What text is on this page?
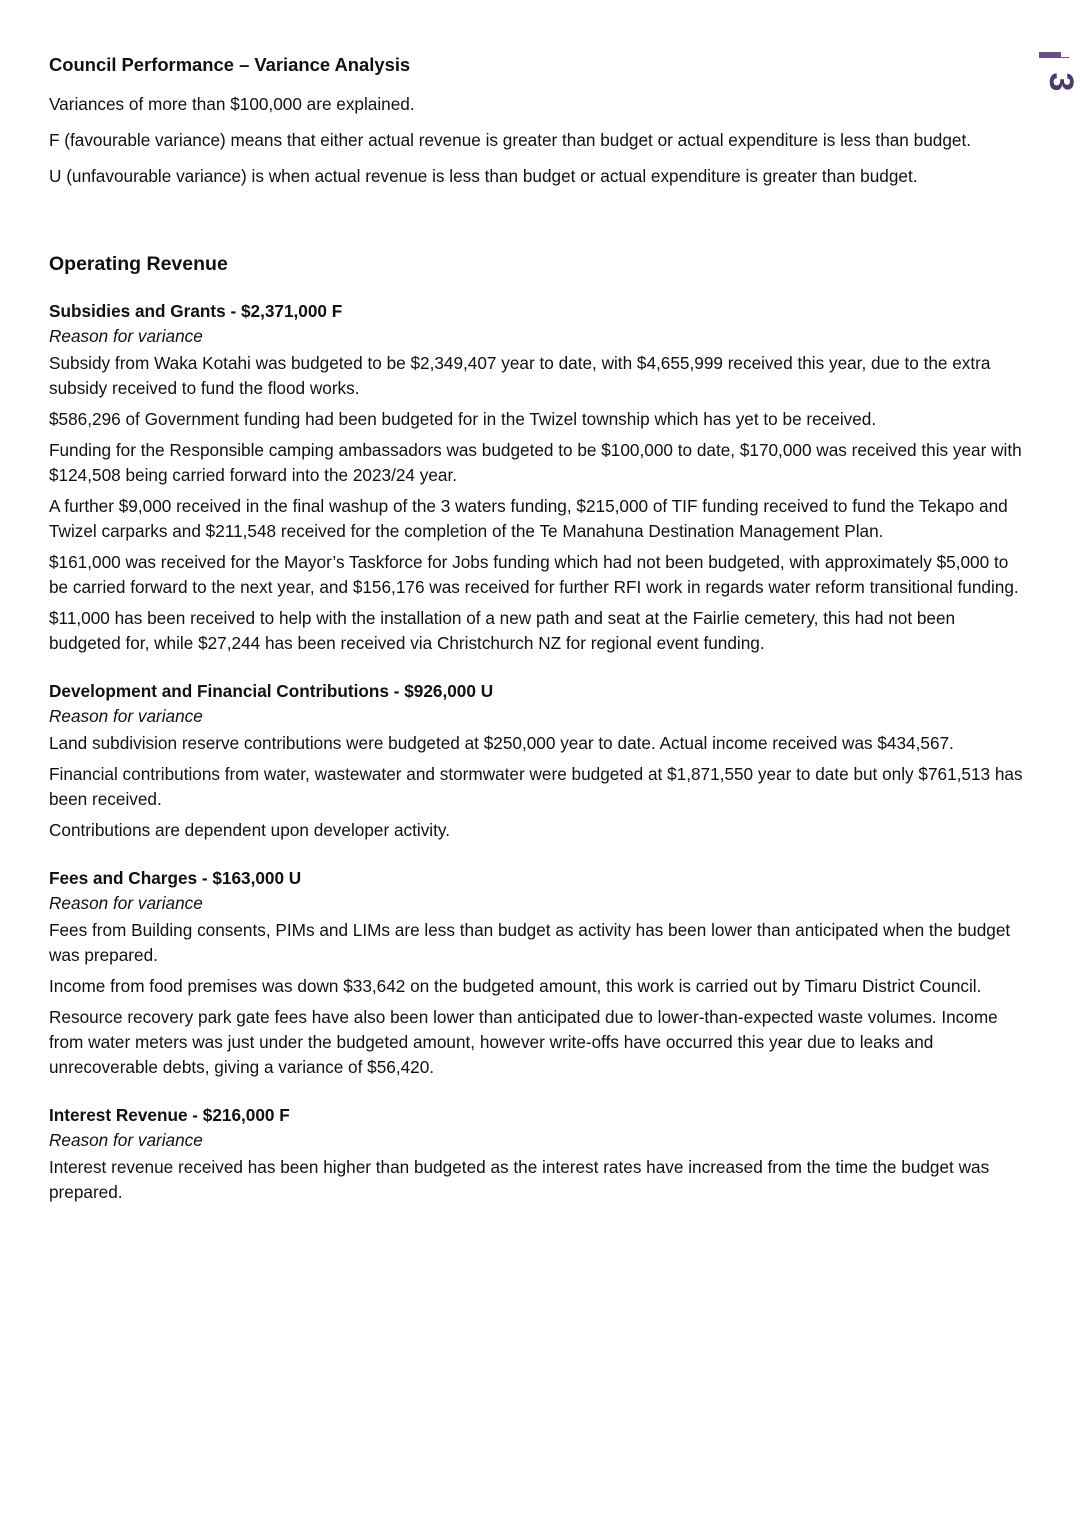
3
Council Performance – Variance Analysis
Variances of more than $100,000 are explained.
F (favourable variance) means that either actual revenue is greater than budget or actual expenditure is less than budget.
U (unfavourable variance) is when actual revenue is less than budget or actual expenditure is greater than budget.
Operating Revenue
Subsidies and Grants - $2,371,000 F
Reason for variance
Subsidy from Waka Kotahi was budgeted to be $2,349,407 year to date, with $4,655,999 received this year, due to the extra subsidy received to fund the flood works.
$586,296 of Government funding had been budgeted for in the Twizel township which has yet to be received.
Funding for the Responsible camping ambassadors was budgeted to be $100,000 to date, $170,000 was received this year with $124,508 being carried forward into the 2023/24 year.
A further $9,000 received in the final washup of the 3 waters funding, $215,000 of TIF funding received to fund the Tekapo and Twizel carparks and $211,548 received for the completion of the Te Manahuna Destination Management Plan.
$161,000 was received for the Mayor’s Taskforce for Jobs funding which had not been budgeted, with approximately $5,000 to be carried forward to the next year, and $156,176 was received for further RFI work in regards water reform transitional funding.
$11,000 has been received to help with the installation of a new path and seat at the Fairlie cemetery, this had not been budgeted for, while $27,244 has been received via Christchurch NZ for regional event funding.
Development and Financial Contributions - $926,000 U
Reason for variance
Land subdivision reserve contributions were budgeted at $250,000 year to date. Actual income received was $434,567.
Financial contributions from water, wastewater and stormwater were budgeted at $1,871,550 year to date but only $761,513 has been received.
Contributions are dependent upon developer activity.
Fees and Charges - $163,000 U
Reason for variance
Fees from Building consents, PIMs and LIMs are less than budget as activity has been lower than anticipated when the budget was prepared.
Income from food premises was down $33,642 on the budgeted amount, this work is carried out by Timaru District Council.
Resource recovery park gate fees have also been lower than anticipated due to lower-than-expected waste volumes. Income from water meters was just under the budgeted amount, however write-offs have occurred this year due to leaks and unrecoverable debts, giving a variance of $56,420.
Interest Revenue - $216,000 F
Reason for variance
Interest revenue received has been higher than budgeted as the interest rates have increased from the time the budget was prepared.
